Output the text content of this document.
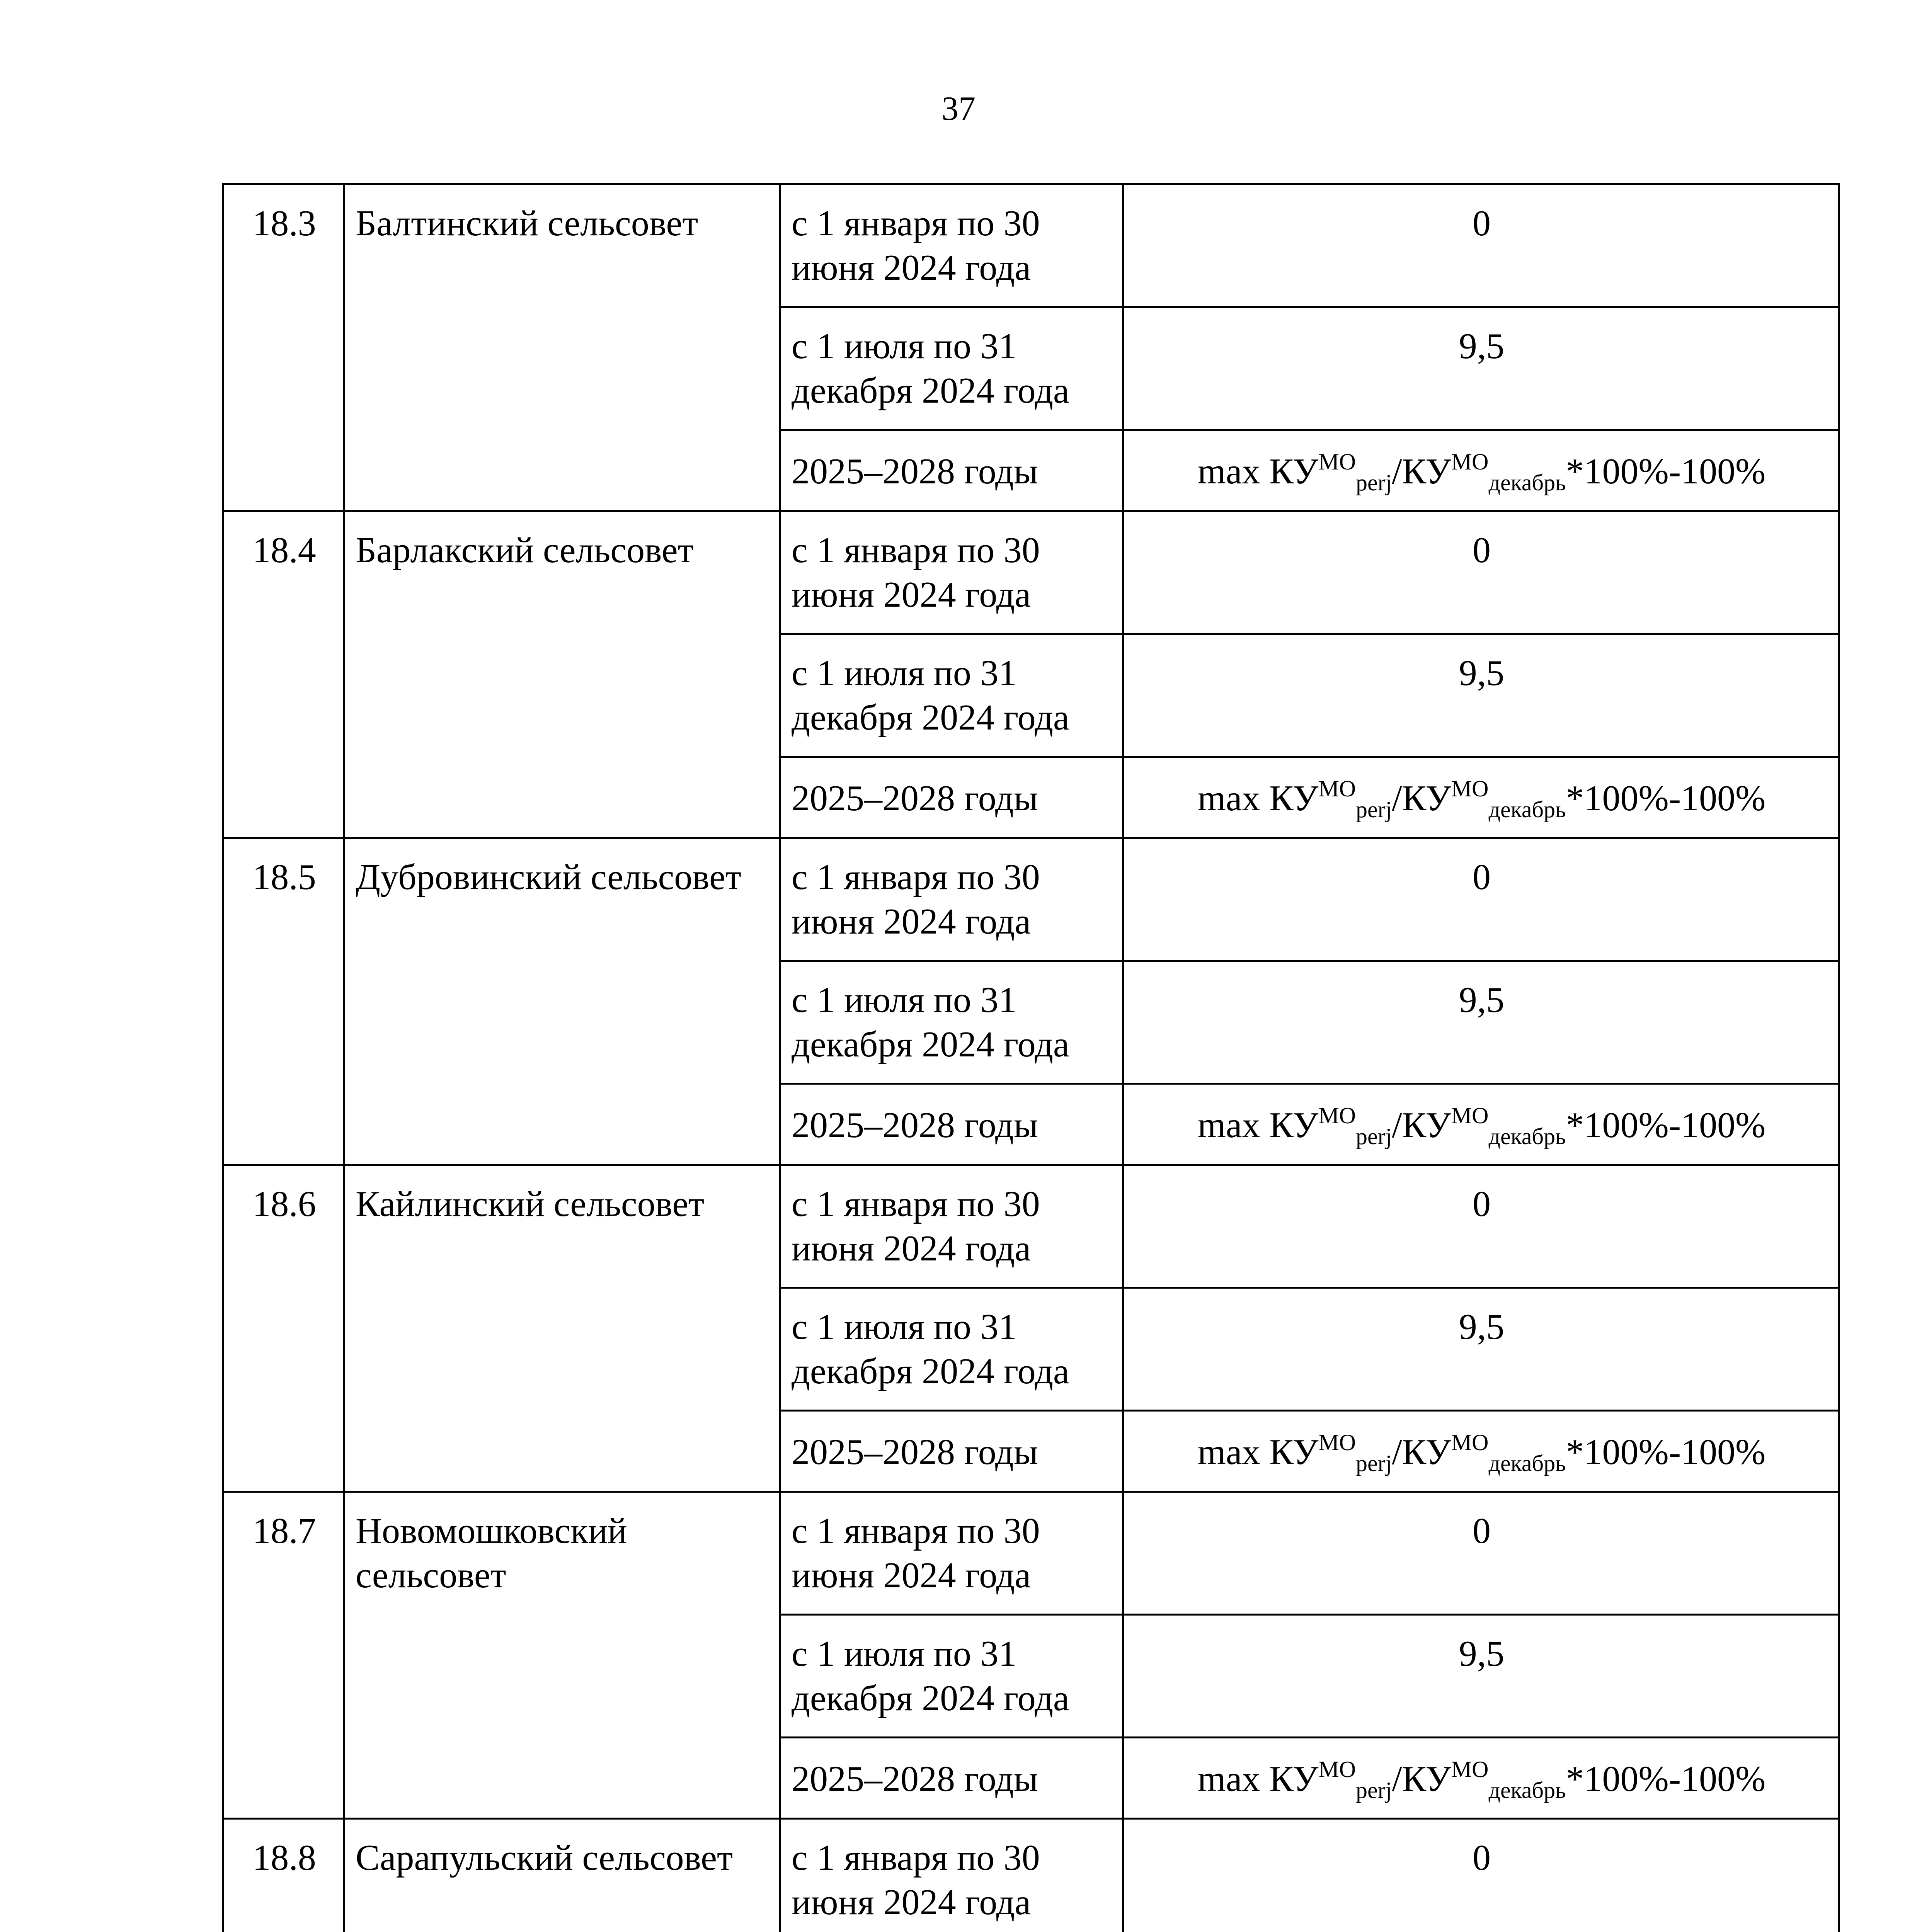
37
18.3	Балтинский сельсовет	с 1 января по 30 июня 2024 года	0
		с 1 июля по 31 декабря 2024 года	9,5
		2025–2028 годы	$\max КУ^{МО}_{рerj}/КУ^{МО}_{декабрь}*100\%-100\%$
18.4	Барлакский сельсовет	с 1 января по 30 июня 2024 года	0
		с 1 июля по 31 декабря 2024 года	9,5
		2025–2028 годы	$\max КУ^{МО}_{рerj}/КУ^{МО}_{декабрь}*100\%-100\%$
18.5	Дубровинский сельсовет	с 1 января по 30 июня 2024 года	0
		с 1 июля по 31 декабря 2024 года	9,5
		2025–2028 годы	$\max КУ^{МО}_{рerj}/КУ^{МО}_{декабрь}*100\%-100\%$
18.6	Кайлинский сельсовет	с 1 января по 30 июня 2024 года	0
		с 1 июля по 31 декабря 2024 года	9,5
		2025–2028 годы	$\max КУ^{МО}_{рerj}/КУ^{МО}_{декабрь}*100\%-100\%$
18.7	Новомошковский сельсовет	с 1 января по 30 июня 2024 года	0
		с 1 июля по 31 декабря 2024 года	9,5
		2025–2028 годы	$\max КУ^{МО}_{рerj}/КУ^{МО}_{декабрь}*100\%-100\%$
18.8	Сарапульский сельсовет	с 1 января по 30 июня 2024 года	0
